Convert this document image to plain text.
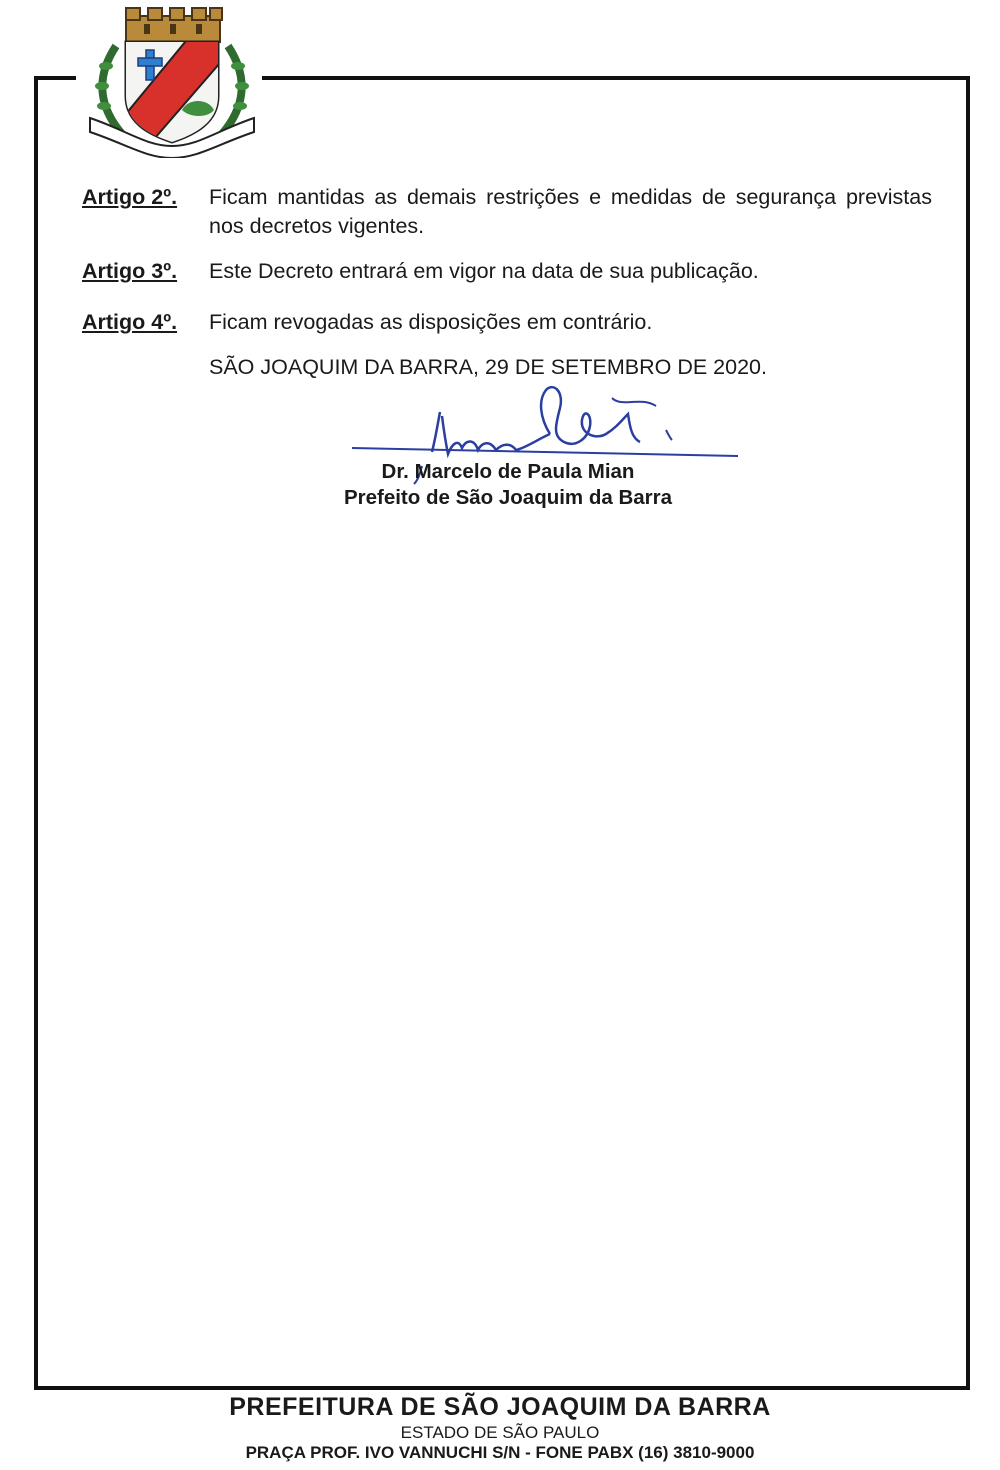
Artigo 2º. Ficam mantidas as demais restrições e medidas de segurança previstas nos decretos vigentes.
Artigo 3º. Este Decreto entrará em vigor na data de sua publicação.
Artigo 4º. Ficam revogadas as disposições em contrário.
SÃO JOAQUIM DA BARRA, 29 DE SETEMBRO DE 2020.
Dr. Marcelo de Paula Mian
Prefeito de São Joaquim da Barra
PREFEITURA DE SÃO JOAQUIM DA BARRA
ESTADO DE SÃO PAULO
PRAÇA PROF. IVO VANNUCHI S/N - FONE PABX (16) 3810-9000
